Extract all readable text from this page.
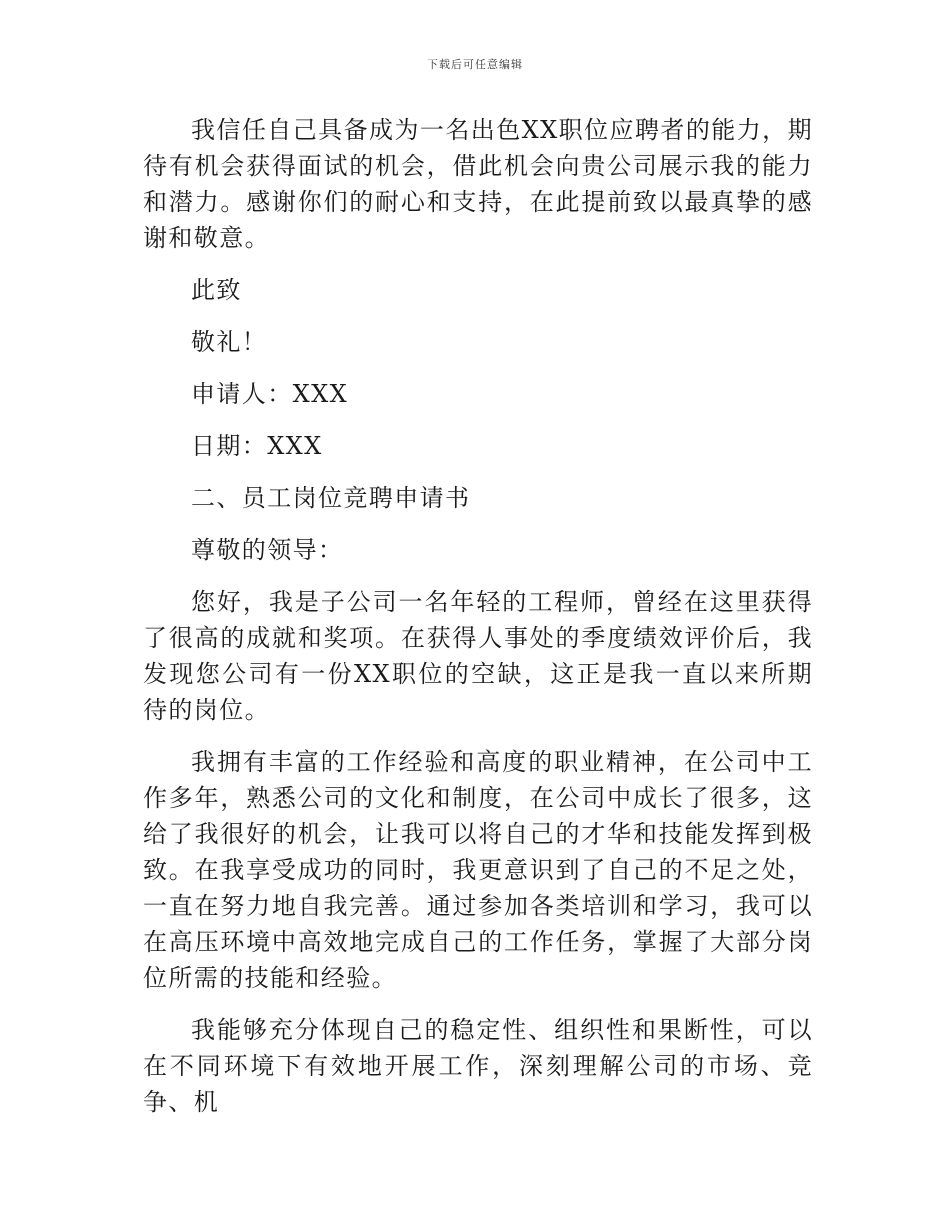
下载后可任意编辑

我信任自己具备成为一名出色XX职位应聘者的能力，期待有机会获得面试的机会，借此机会向贵公司展示我的能力和潜力。感谢你们的耐心和支持，在此提前致以最真挚的感谢和敬意。

此致

敬礼！

申请人：XXX

日期：XXX

二、员工岗位竞聘申请书

尊敬的领导：

您好，我是子公司一名年轻的工程师，曾经在这里获得了很高的成就和奖项。在获得人事处的季度绩效评价后，我发现您公司有一份XX职位的空缺，这正是我一直以来所期待的岗位。

我拥有丰富的工作经验和高度的职业精神，在公司中工作多年，熟悉公司的文化和制度，在公司中成长了很多，这给了我很好的机会，让我可以将自己的才华和技能发挥到极致。在我享受成功的同时，我更意识到了自己的不足之处，一直在努力地自我完善。通过参加各类培训和学习，我可以在高压环境中高效地完成自己的工作任务，掌握了大部分岗位所需的技能和经验。

我能够充分体现自己的稳定性、组织性和果断性，可以在不同环境下有效地开展工作，深刻理解公司的市场、竞争、机
